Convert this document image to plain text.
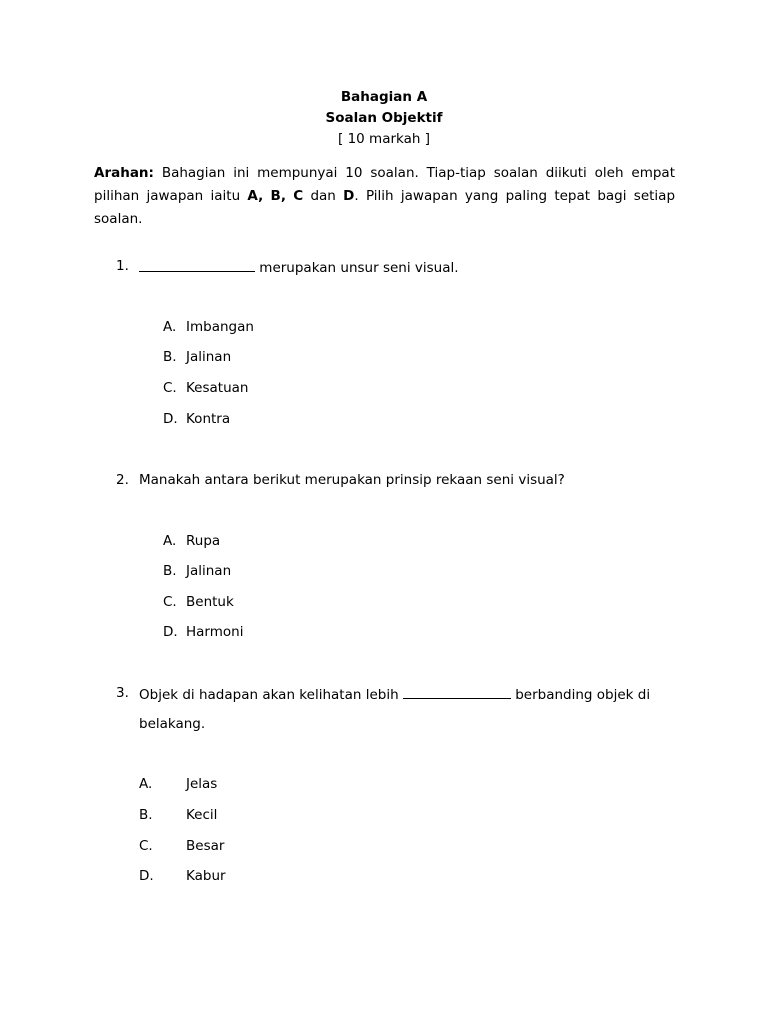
Bahagian A
Soalan Objektif
[ 10 markah ]
Arahan: Bahagian ini mempunyai 10 soalan. Tiap-tiap soalan diikuti oleh empat pilihan jawapan iaitu A, B, C dan D. Pilih jawapan yang paling tepat bagi setiap soalan.
1.	merupakan unsur seni visual.
A. Imbangan
B. Jalinan
C. Kesatuan
D. Kontra
2. Manakah antara berikut merupakan prinsip rekaan seni visual?
A. Rupa
B. Jalinan
C. Bentuk
D. Harmoni
3. Objek di hadapan akan kelihatan lebih	berbanding objek di
belakang.
A. Jelas
B. Kecil
C. Besar
D. Kabur
